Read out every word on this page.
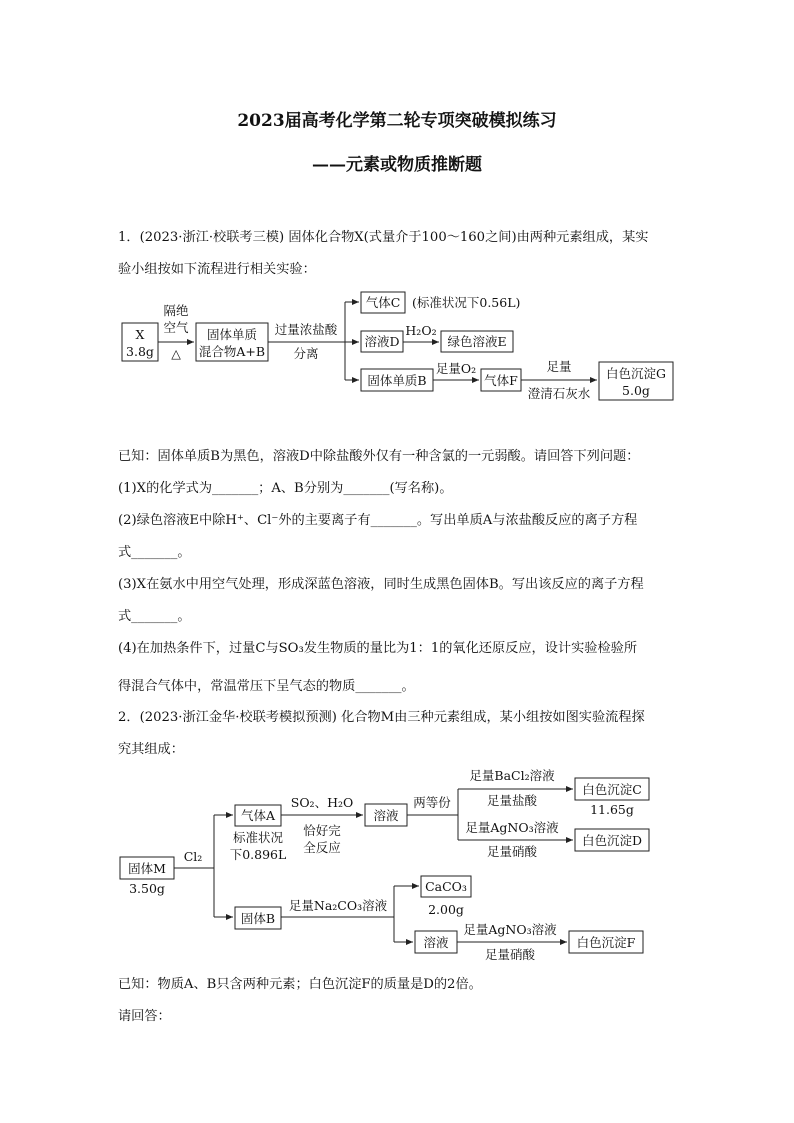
2023届高考化学第二轮专项突破模拟练习
——元素或物质推断题
1．(2023·浙江·校联考三模) 固体化合物X(式量介于100～160之间)由两种元素组成，某实
验小组按如下流程进行相关实验：
X
3.8g
隔绝
空气
△
固体单质
混合物A+B
过量浓盐酸
分离
气体C (标准状况下0.56L)
溶液D
H₂O₂
绿色溶液E
固体单质B
足量O₂
气体F
足量
澄清石灰水
白色沉淀G
5.0g
已知：固体单质B为黑色，溶液D中除盐酸外仅有一种含氯的一元弱酸。请回答下列问题：
(1)X的化学式为_______；A、B分别为_______(写名称)。
(2)绿色溶液E中除H⁺、Cl⁻外的主要离子有_______。写出单质A与浓盐酸反应的离子方程
式_______。
(3)X在氨水中用空气处理，形成深蓝色溶液，同时生成黑色固体B。写出该反应的离子方程
式_______。
(4)在加热条件下，过量C与SO₃发生物质的量比为1：1的氧化还原反应，设计实验检验所
得混合气体中，常温常压下呈气态的物质_______。
2．(2023·浙江金华·校联考模拟预测) 化合物M由三种元素组成，某小组按如图实验流程探
究其组成：
固体M
3.50g
Cl₂
气体A
标准状况
下0.896L
SO₂、H₂O
恰好完
全反应
溶液
两等份
足量BaCl₂溶液
足量盐酸
足量AgNO₃溶液
足量硝酸
白色沉淀C
11.65g
白色沉淀D
固体B
足量Na₂CO₃溶液
CaCO₃
2.00g
溶液
足量AgNO₃溶液
足量硝酸
白色沉淀F
已知：物质A、B只含两种元素；白色沉淀F的质量是D的2倍。
请回答：
